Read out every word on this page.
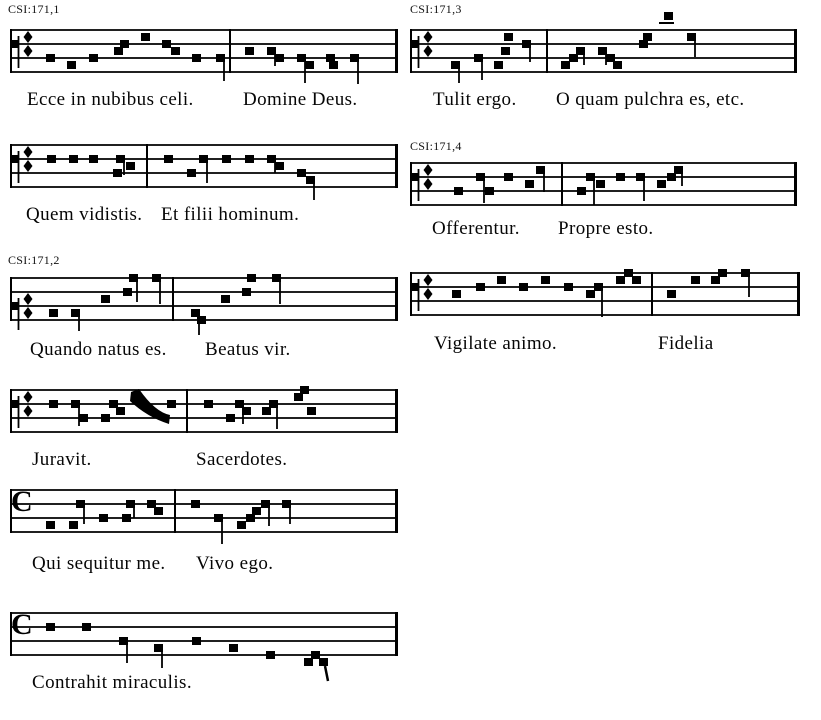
C
C
CSI:171,1	CSI:171,3
CSI:171,4
CSI:171,2
Ecce in nubibus celi.	Domine Deus.	Tulit ergo. O quam pulchra es, etc.
Quem vidistis. Et filii hominum.
Offerentur. Propre esto.
Quando natus es. Beatus vir.	Vigilate animo.	Fidelia
Juravit.	Sacerdotes.
Qui sequitur me. Vivo ego.
Contrahit miraculis.
